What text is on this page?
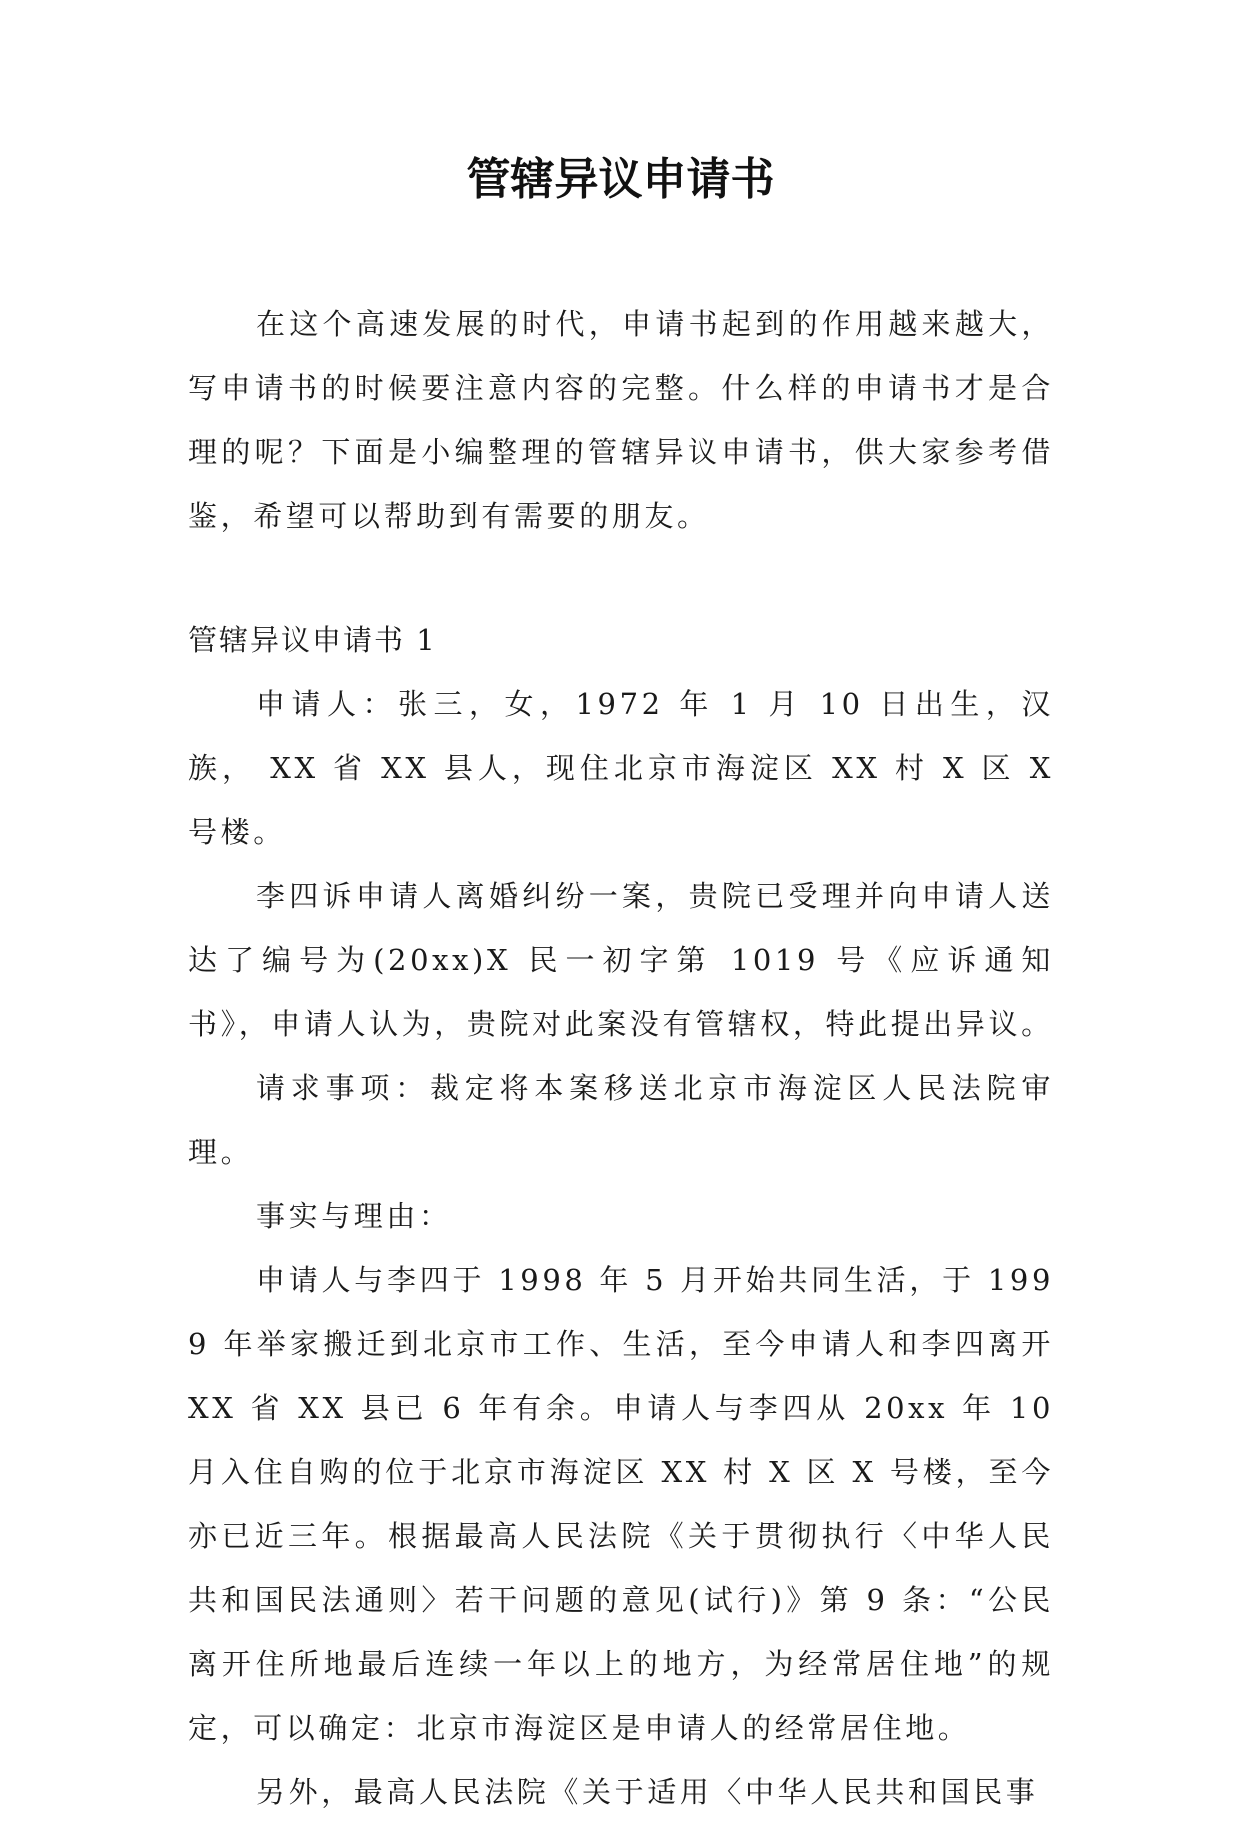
管辖异议申请书

在这个高速发展的时代，申请书起到的作用越来越大，写申请书的时候要注意内容的完整。什么样的申请书才是合理的呢？下面是小编整理的管辖异议申请书，供大家参考借鉴，希望可以帮助到有需要的朋友。

管辖异议申请书 1

申请人：张三，女，1972 年 1 月 10 日出生，汉族， XX 省 XX 县人，现住北京市海淀区 XX 村 X 区 X 号楼。

李四诉申请人离婚纠纷一案，贵院已受理并向申请人送达了编号为(20xx)X 民一初字第 1019 号《应诉通知书》，申请人认为，贵院对此案没有管辖权，特此提出异议。

请求事项：裁定将本案移送北京市海淀区人民法院审理。

事实与理由：

申请人与李四于 1998 年 5 月开始共同生活，于 1999 年举家搬迁到北京市工作、生活，至今申请人和李四离开 XX 省 XX 县已 6 年有余。申请人与李四从 20xx 年 10 月入住自购的位于北京市海淀区 XX 村 X 区 X 号楼，至今亦已近三年。根据最高人民法院《关于贯彻执行〈中华人民共和国民法通则〉若干问题的意见(试行)》第 9 条：“公民离开住所地最后连续一年以上的地方，为经常居住地”的规定，可以确定：北京市海淀区是申请人的经常居住地。

另外，最高人民法院《关于适用〈中华人民共和国民事
